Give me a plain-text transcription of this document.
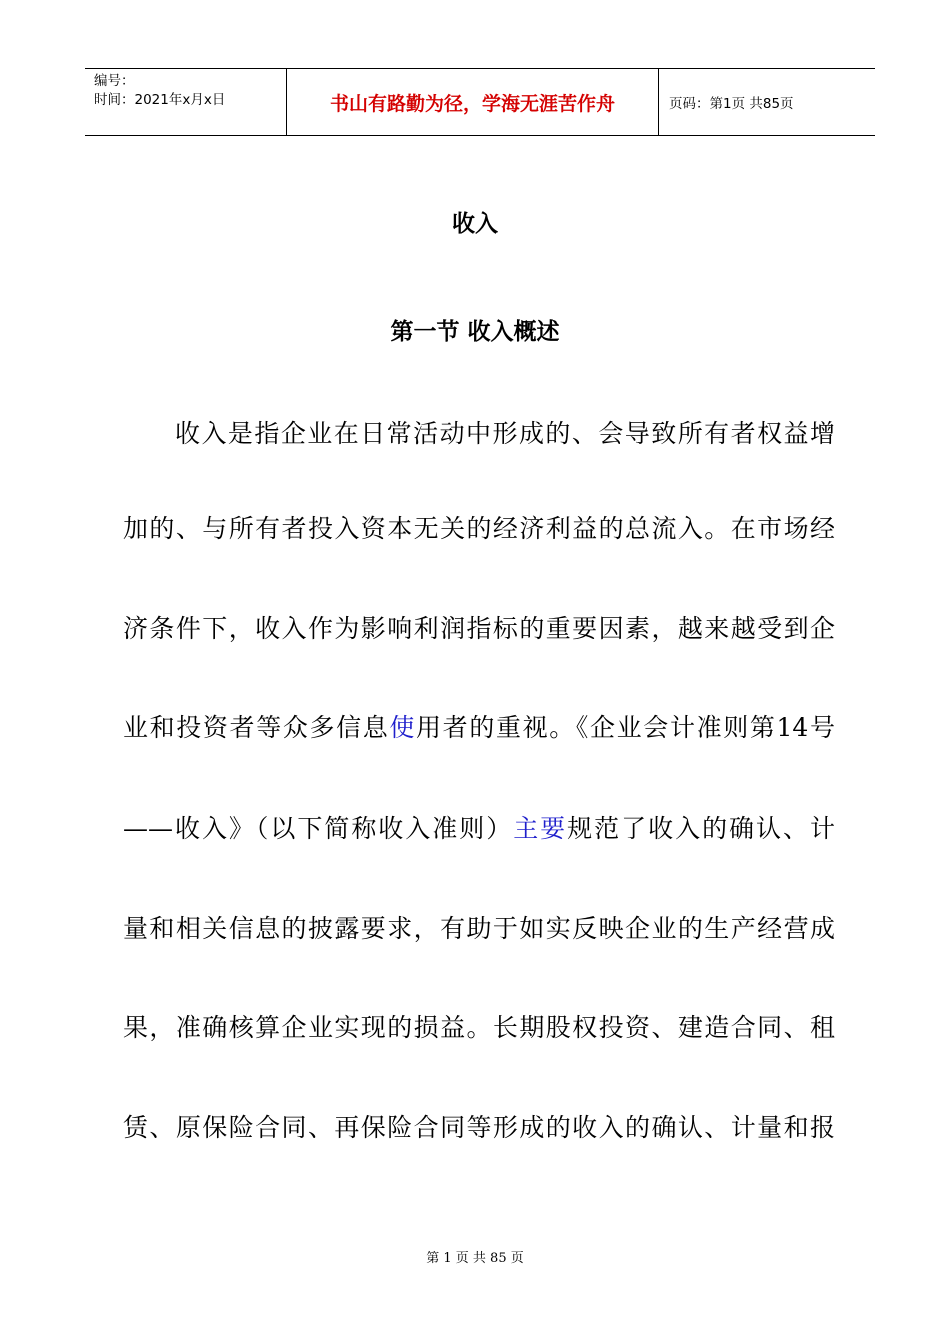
编号：
时间：2021年x月x日	书山有路勤为径，学海无涯苦作舟	页码：第1页 共85页
收入
第一节 收入概述
收入是指企业在日常活动中形成的、会导致所有者权益增
加的、与所有者投入资本无关的经济利益的总流入。在市场经
济条件下，收入作为影响利润指标的重要因素，越来越受到企
业和投资者等众多信息使用者的重视。《企业会计准则第14号
——收入》（以下简称收入准则）主要规范了收入的确认、计
量和相关信息的披露要求，有助于如实反映企业的生产经营成
果，准确核算企业实现的损益。长期股权投资、建造合同、租
赁、原保险合同、再保险合同等形成的收入的确认、计量和报
第 1 页 共 85 页
